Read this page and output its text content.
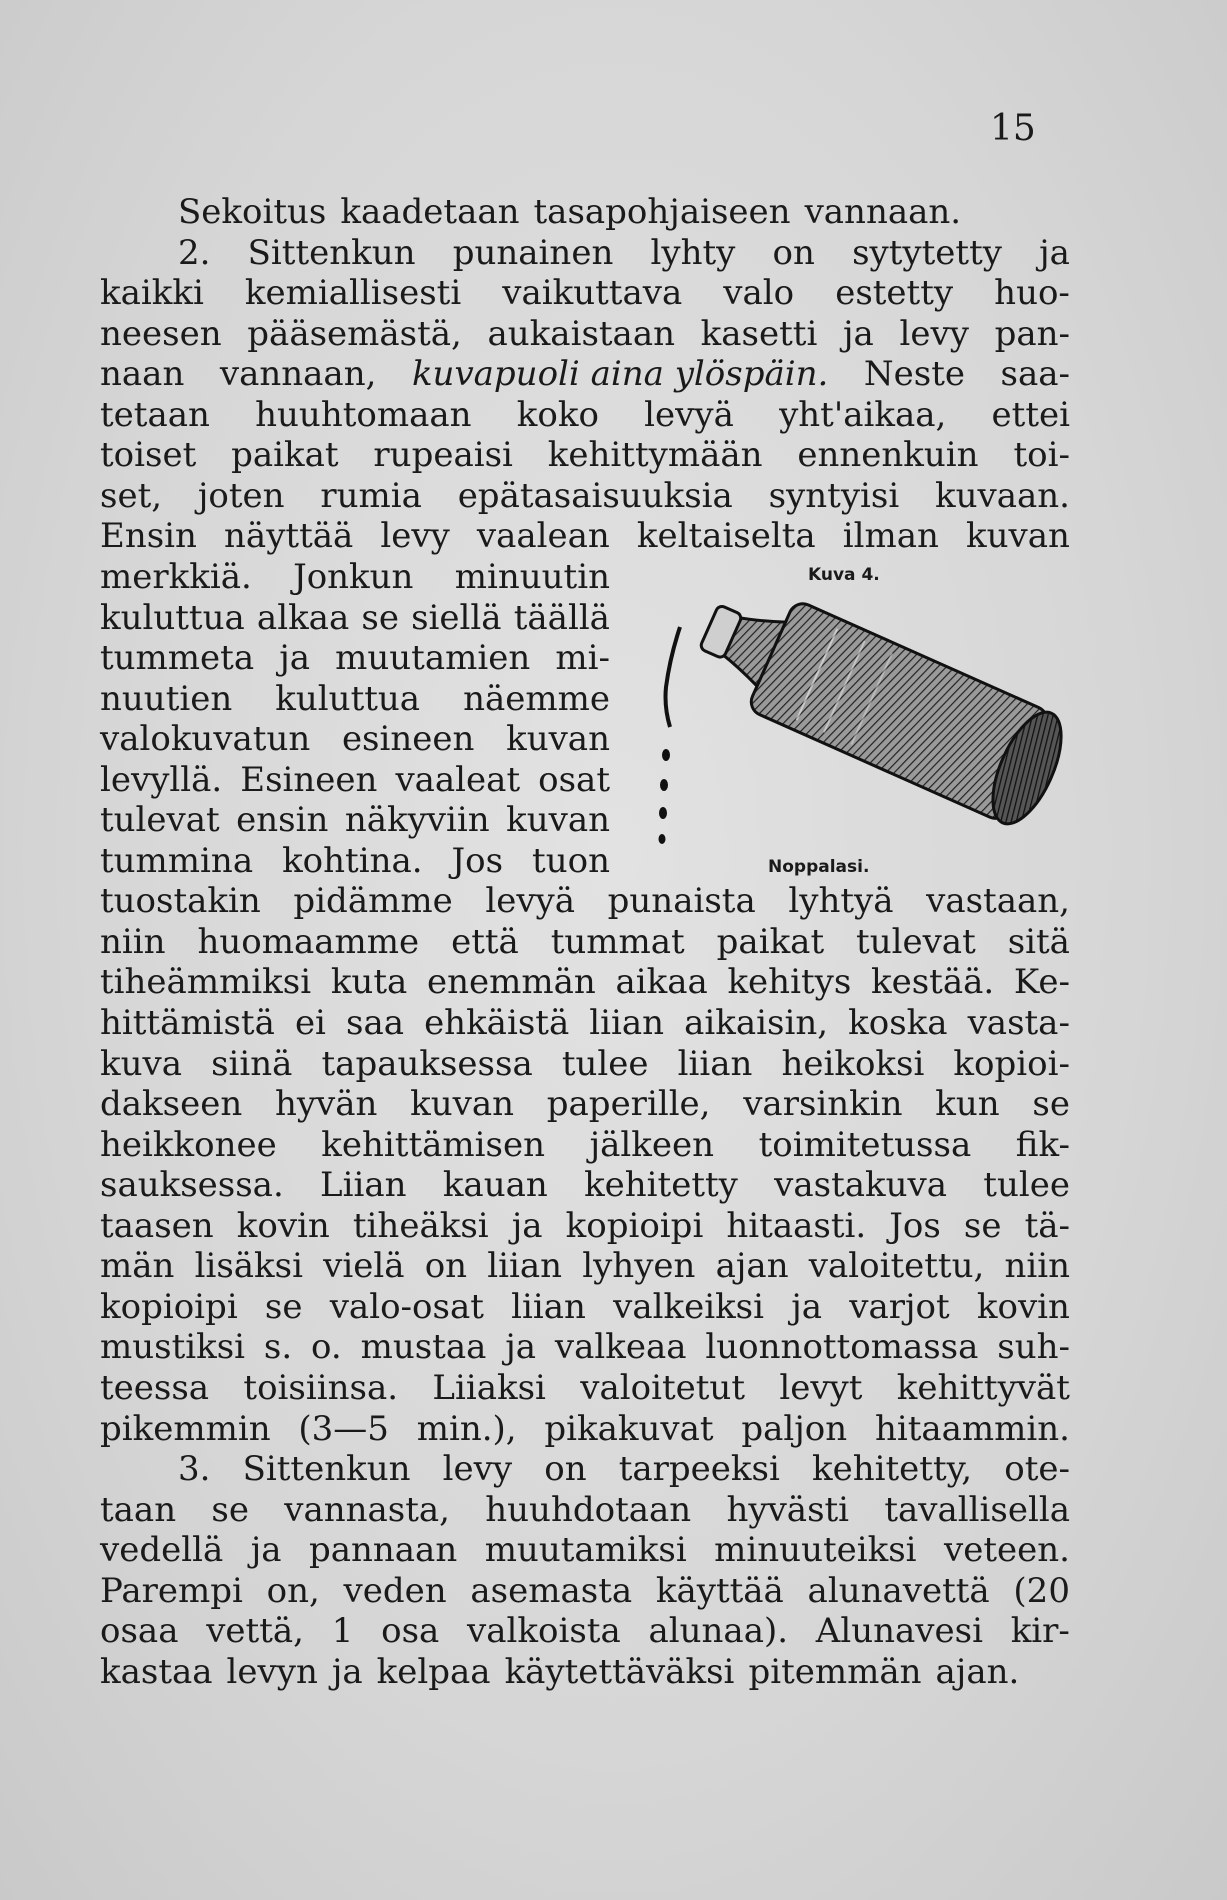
15
Sekoitus kaadetaan tasapohjaiseen vannaan.
2. Sittenkun punainen lyhty on sytytetty ja
kaikki kemiallisesti vaikuttava valo estetty huo-
neesen pääsemästä, aukaistaan kasetti ja levy pan-
naan vannaan, kuvapuoli aina ylöspäin. Neste saa-
tetaan huuhtomaan koko levyä yht'aikaa, ettei
toiset paikat rupeaisi kehittymään ennenkuin toi-
set, joten rumia epätasaisuuksia syntyisi kuvaan.
Ensin näyttää levy vaalean keltaiselta ilman kuvan
merkkiä. Jonkun minuutin
kuluttua alkaa se siellä täällä
tummeta ja muutamien mi-
nuutien kuluttua näemme
valokuvatun esineen kuvan
levyllä. Esineen vaaleat osat
tulevat ensin näkyviin kuvan
tummina kohtina. Jos tuon
tuostakin pidämme levyä punaista lyhtyä vastaan,
niin huomaamme että tummat paikat tulevat sitä
tiheämmiksi kuta enemmän aikaa kehitys kestää. Ke-
hittämistä ei saa ehkäistä liian aikaisin, koska vasta-
kuva siinä tapauksessa tulee liian heikoksi kopioi-
dakseen hyvän kuvan paperille, varsinkin kun se
heikkonee kehittämisen jälkeen toimitetussa fik-
sauksessa. Liian kauan kehitetty vastakuva tulee
taasen kovin tiheäksi ja kopioipi hitaasti. Jos se tä-
män lisäksi vielä on liian lyhyen ajan valoitettu, niin
kopioipi se valo-osat liian valkeiksi ja varjot kovin
mustiksi s. o. mustaa ja valkeaa luonnottomassa suh-
teessa toisiinsa. Liiaksi valoitetut levyt kehittyvät
pikemmin (3—5 min.), pikakuvat paljon hitaammin.
3. Sittenkun levy on tarpeeksi kehitetty, ote-
taan se vannasta, huuhdotaan hyvästi tavallisella
vedellä ja pannaan muutamiksi minuuteiksi veteen.
Parempi on, veden asemasta käyttää alunavettä (20
osaa vettä, 1 osa valkoista alunaa). Alunavesi kir-
kastaa levyn ja kelpaa käytettäväksi pitemmän ajan.
Kuva 4.
Noppalasi.
